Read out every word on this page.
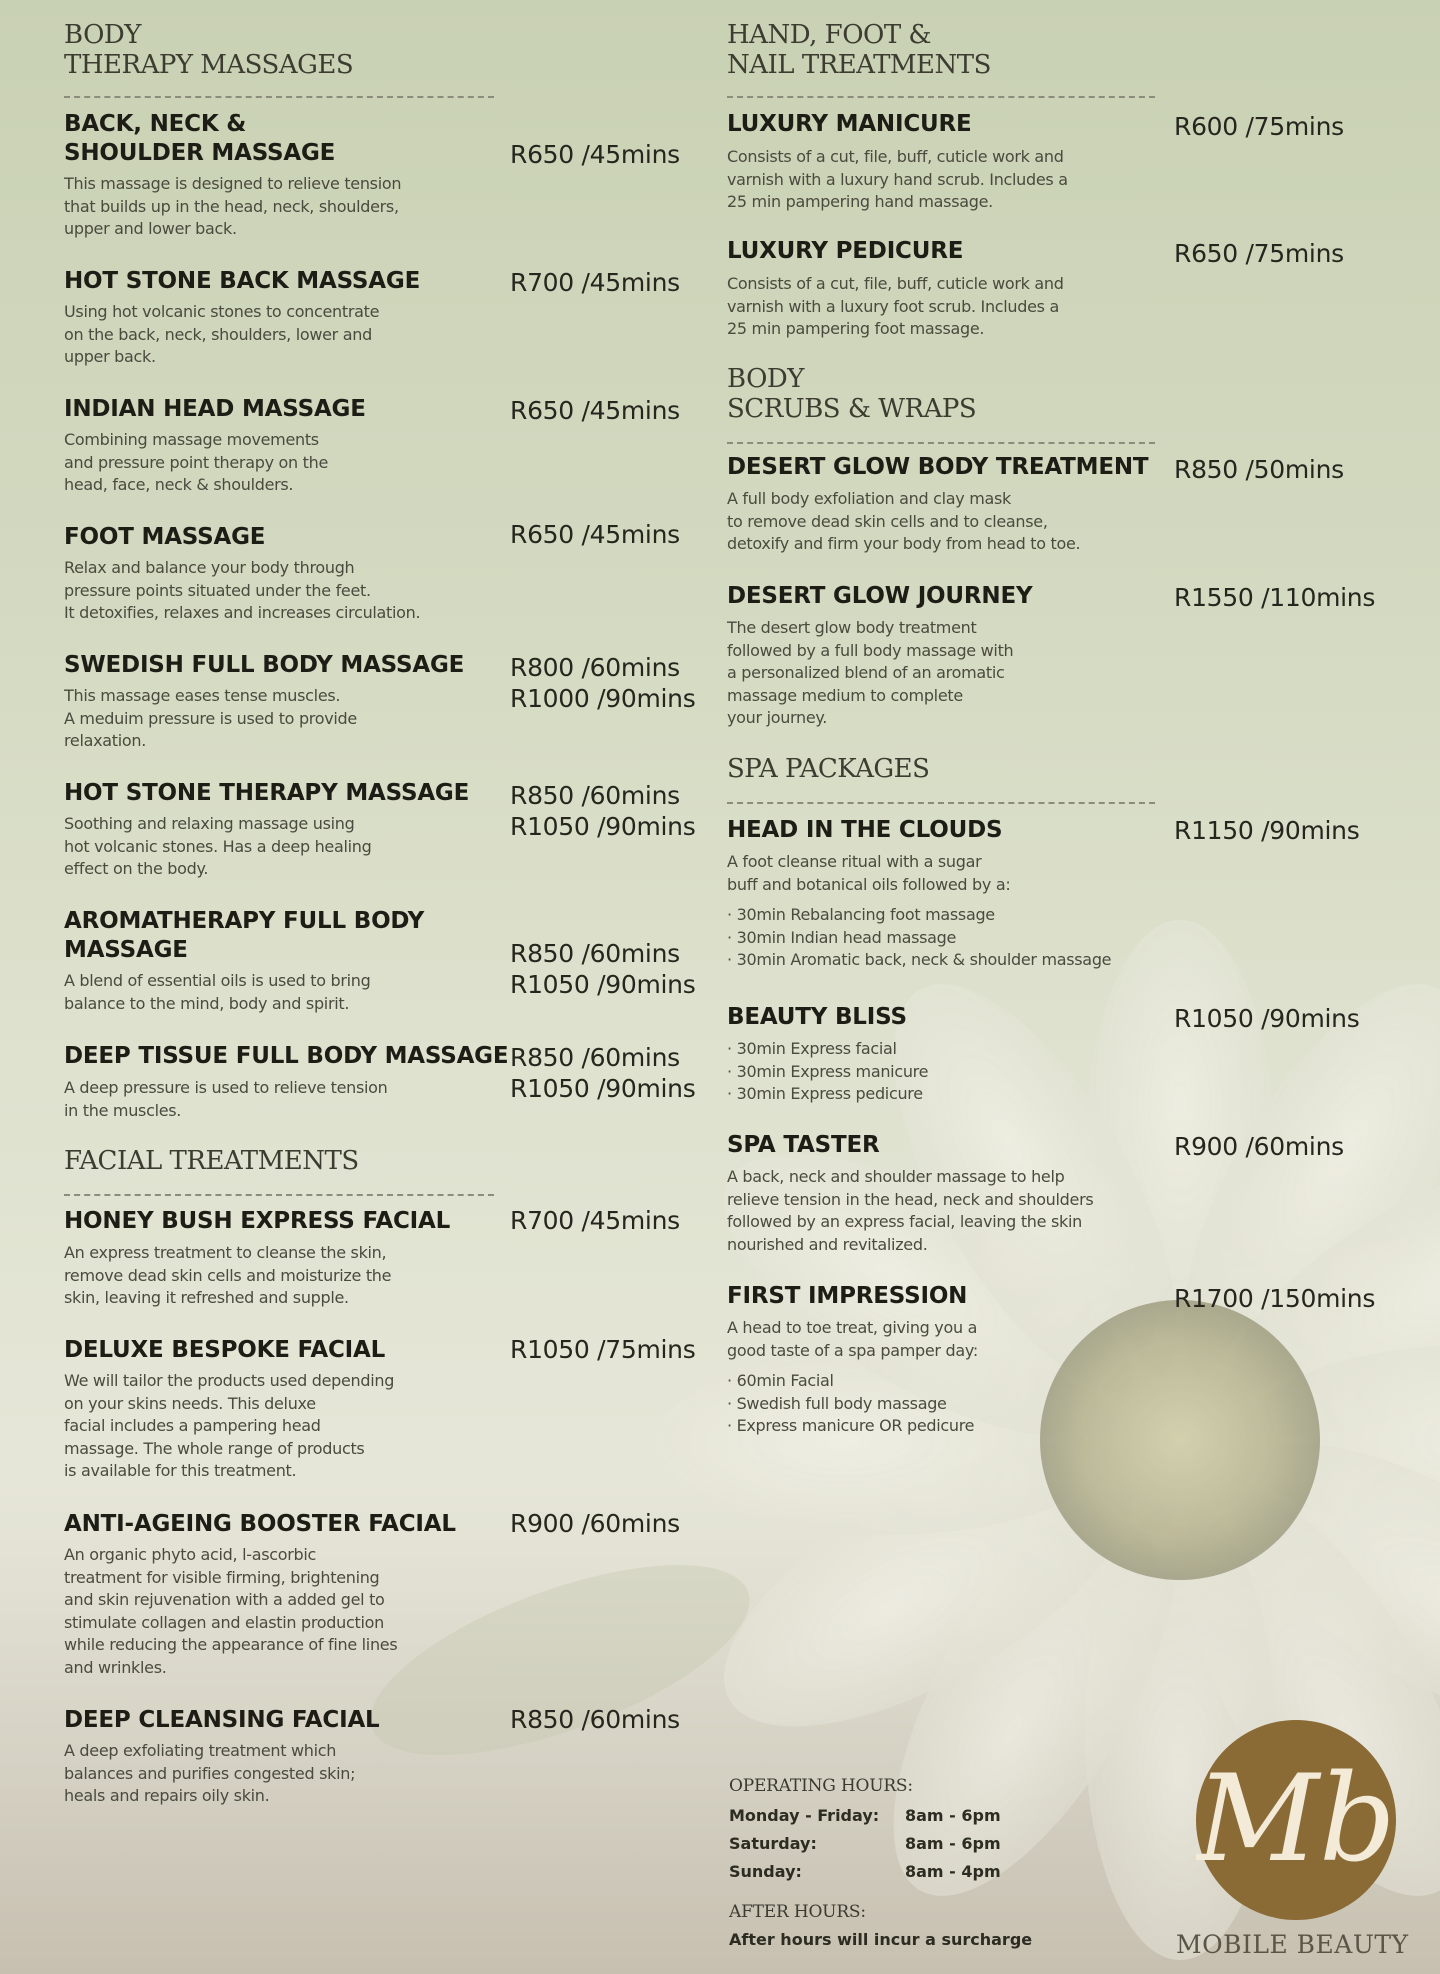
BODY
THERAPY MASSAGES
BACK, NECK &
SHOULDER MASSAGE	R650 /45mins
This massage is designed to relieve tension
that builds up in the head, neck, shoulders,
upper and lower back.
HOT STONE BACK MASSAGE	R700 /45mins
Using hot volcanic stones to concentrate
on the back, neck, shoulders, lower and
upper back.
INDIAN HEAD MASSAGE	R650 /45mins
Combining massage movements
and pressure point therapy on the
head, face, neck & shoulders.
FOOT MASSAGE	R650 /45mins
Relax and balance your body through
pressure points situated under the feet.
It detoxifies, relaxes and increases circulation.
SWEDISH FULL BODY MASSAGE R800 /60mins
R1000 /90mins
This massage eases tense muscles.
A meduim pressure is used to provide
relaxation.
HOT STONE THERAPY MASSAGE R850 /60mins
R1050 /90mins
Soothing and relaxing massage using
hot volcanic stones. Has a deep healing
effect on the body.
AROMATHERAPY FULL BODY
MASSAGE	R850 /60mins
R1050 /90mins
A blend of essential oils is used to bring
balance to the mind, body and spirit.
DEEP TISSUE FULL BODY MASSAGE R850 /60mins
R1050 /90mins
A deep pressure is used to relieve tension
in the muscles.
FACIAL TREATMENTS
HONEY BUSH EXPRESS FACIAL R700 /45mins
An express treatment to cleanse the skin,
remove dead skin cells and moisturize the
skin, leaving it refreshed and supple.
DELUXE BESPOKE FACIAL	R1050 /75mins
We will tailor the products used depending
on your skins needs. This deluxe
facial includes a pampering head
massage. The whole range of products
is available for this treatment.
ANTI-AGEING BOOSTER FACIAL R900 /60mins
An organic phyto acid, l-ascorbic
treatment for visible firming, brightening
and skin rejuvenation with a added gel to
stimulate collagen and elastin production
while reducing the appearance of fine lines
and wrinkles.
DEEP CLEANSING FACIAL	R850 /60mins
A deep exfoliating treatment which
balances and purifies congested skin;
heals and repairs oily skin.
HAND, FOOT &
NAIL TREATMENTS
LUXURY MANICURE	R600 /75mins
Consists of a cut, file, buff, cuticle work and
varnish with a luxury hand scrub. Includes a
25 min pampering hand massage.
LUXURY PEDICURE	R650 /75mins
Consists of a cut, file, buff, cuticle work and
varnish with a luxury foot scrub. Includes a
25 min pampering foot massage.
BODY
SCRUBS & WRAPS
DESERT GLOW BODY TREATMENT R850 /50mins
A full body exfoliation and clay mask
to remove dead skin cells and to cleanse,
detoxify and firm your body from head to toe.
DESERT GLOW JOURNEY	R1550 /110mins
The desert glow body treatment
followed by a full body massage with
a personalized blend of an aromatic
massage medium to complete
your journey.
SPA PACKAGES
HEAD IN THE CLOUDS	R1150 /90mins
A foot cleanse ritual with a sugar
buff and botanical oils followed by a:
· 30min Rebalancing foot massage
· 30min Indian head massage
· 30min Aromatic back, neck & shoulder massage
BEAUTY BLISS	R1050 /90mins
· 30min Express facial
· 30min Express manicure
· 30min Express pedicure
SPA TASTER	R900 /60mins
A back, neck and shoulder massage to help
relieve tension in the head, neck and shoulders
followed by an express facial, leaving the skin
nourished and revitalized.
FIRST IMPRESSION	R1700 /150mins
A head to toe treat, giving you a
good taste of a spa pamper day:
· 60min Facial
· Swedish full body massage
· Express manicure OR pedicure
OPERATING HOURS:
Monday - Friday: 8am - 6pm
Saturday:	8am - 6pm
Sunday:	8am - 4pm
AFTER HOURS:
After hours will incur a surcharge
Mb
MOBILE BEAUTY
